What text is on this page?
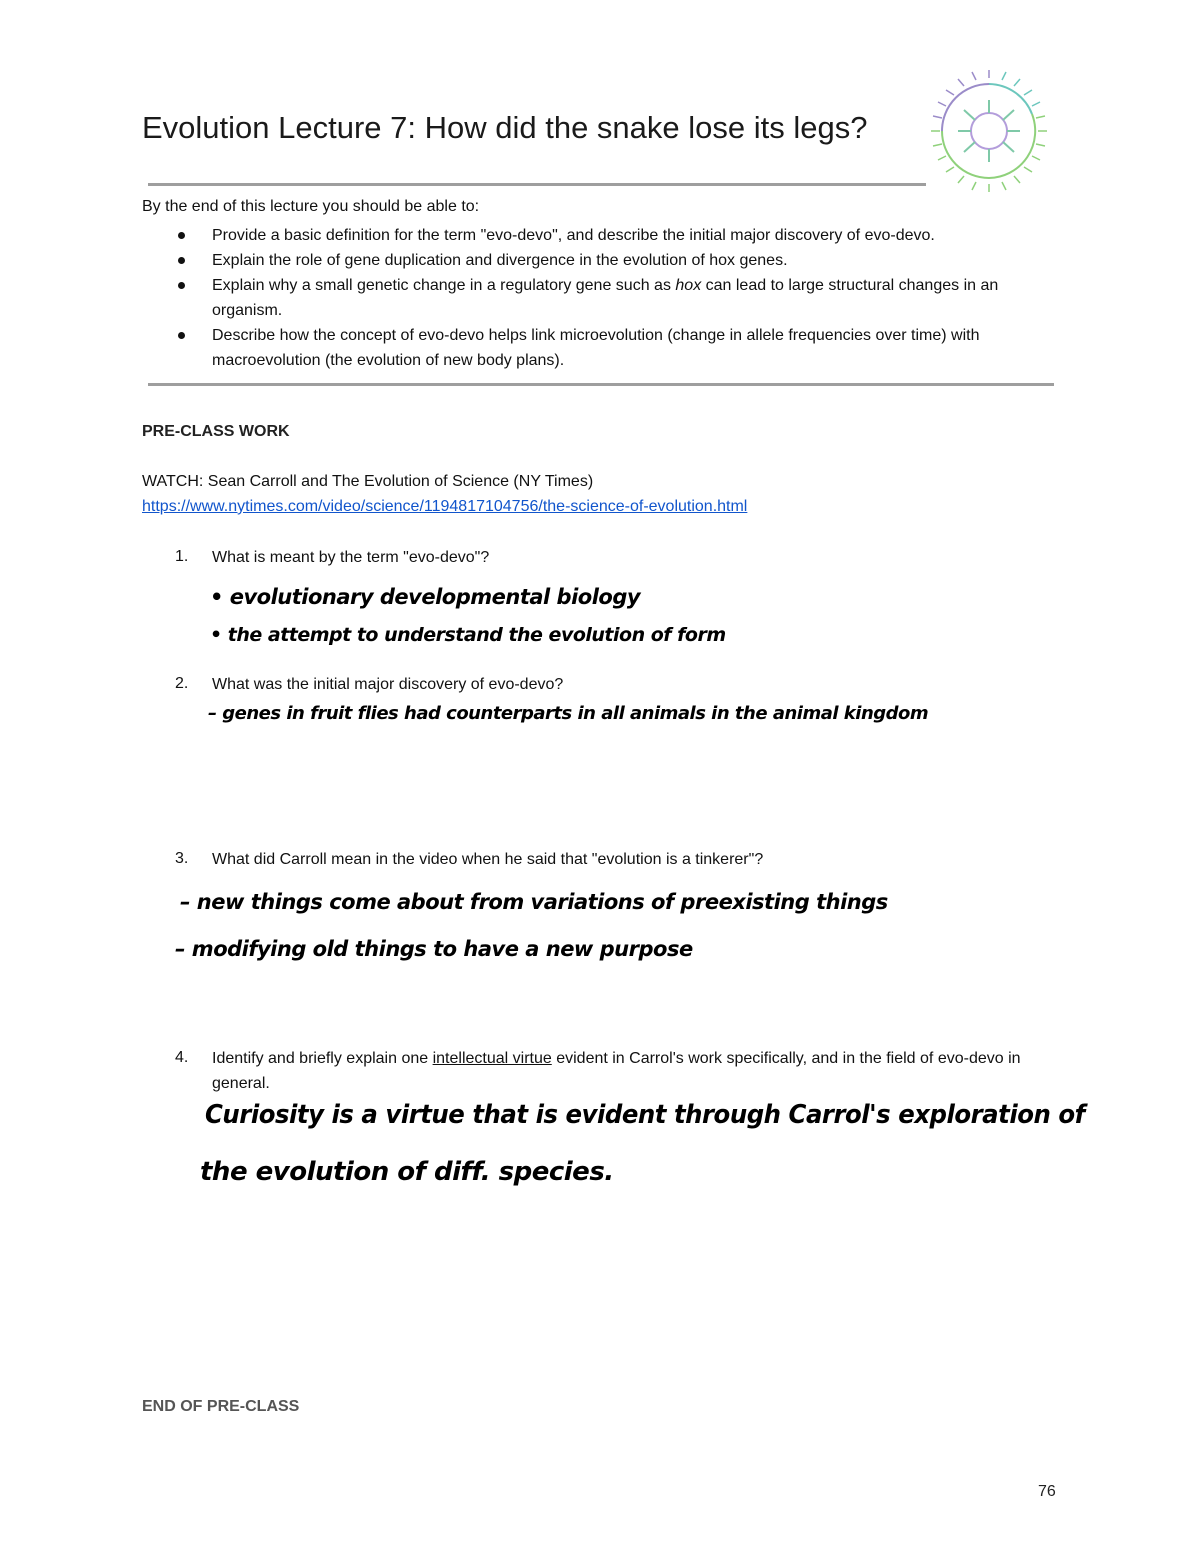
Evolution Lecture 7: How did the snake lose its legs?
By the end of this lecture you should be able to:
Provide a basic definition for the term "evo-devo", and describe the initial major discovery of evo-devo.
Explain the role of gene duplication and divergence in the evolution of hox genes.
Explain why a small genetic change in a regulatory gene such as hox can lead to large structural changes in an organism.
Describe how the concept of evo-devo helps link microevolution (change in allele frequencies over time) with macroevolution (the evolution of new body plans).
PRE-CLASS WORK
WATCH: Sean Carroll and The Evolution of Science (NY Times)
https://www.nytimes.com/video/science/1194817104756/the-science-of-evolution.html
1. What is meant by the term "evo-devo"?
• evolutionary developmental biology
• the attempt to understand the evolution of form
2. What was the initial major discovery of evo-devo?
– genes in fruit flies had counterparts in all animals in the animal kingdom
3. What did Carroll mean in the video when he said that "evolution is a tinkerer"?
– new things come about from variations of preexisting things
– modifying old things to have a new purpose
4. Identify and briefly explain one intellectual virtue evident in Carrol's work specifically, and in the field of evo-devo in general.
Curiosity is a virtue that is evident through Carrol's exploration of
the evolution of diff. species.
END OF PRE-CLASS
76
